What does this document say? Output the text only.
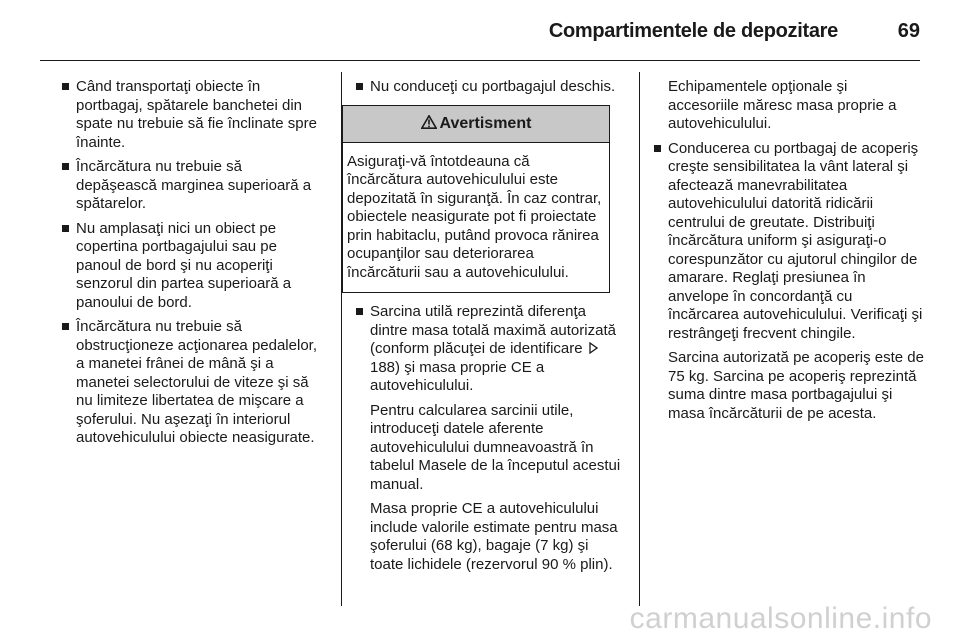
Compartimentele de depozitare	69
Când transportaţi obiecte în portbagaj, spătarele banchetei din spate nu trebuie să fie înclinate spre înainte.
Încărcătura nu trebuie să depăşească marginea superioară a spătarelor.
Nu amplasaţi nici un obiect pe copertina portbagajului sau pe panoul de bord şi nu acoperiţi senzorul din partea superioară a panoului de bord.
Încărcătura nu trebuie să obstrucţioneze acţionarea pedalelor, a manetei frânei de mână şi a manetei selectorului de viteze şi să nu limiteze libertatea de mişcare a şoferului. Nu aşezaţi în interiorul autovehiculului obiecte neasigurate.
Nu conduceţi cu portbagajul deschis.
Avertisment
Asiguraţi-vă întotdeauna că încărcătura autovehiculului este depozitată în siguranţă. În caz contrar, obiectele neasigurate pot fi proiectate prin habitaclu, putând provoca rănirea ocupanţilor sau deteriorarea încărcăturii sau a autovehiculului.
Sarcina utilă reprezintă diferenţa dintre masa totală maximă autorizată (conform plăcuţei de identificare 188) şi masa proprie CE a autovehiculului.

Pentru calcularea sarcinii utile, introduceţi datele aferente autovehiculului dumneavoastră în tabelul Masele de la începutul acestui manual.

Masa proprie CE a autovehiculului include valorile estimate pentru masa şoferului (68 kg), bagaje (7 kg) şi toate lichidele (rezervorul 90 % plin).

Echipamentele opţionale şi accesoriile măresc masa proprie a autovehiculului.

Conducerea cu portbagaj de acoperiş creşte sensibilitatea la vânt lateral şi afectează manevrabilitatea autovehiculului datorită ridicării centrului de greutate. Distribuiţi încărcătura uniform şi asiguraţi-o corespunzător cu ajutorul chingilor de amarare. Reglaţi presiunea în anvelope în concordanţă cu încărcarea autovehiculului. Verificaţi şi restrângeţi frecvent chingile.

Sarcina autorizată pe acoperiş este de 75 kg. Sarcina pe acoperiş reprezintă suma dintre masa portbagajului şi masa încărcăturii de pe acesta.

carmanualsonline.info
